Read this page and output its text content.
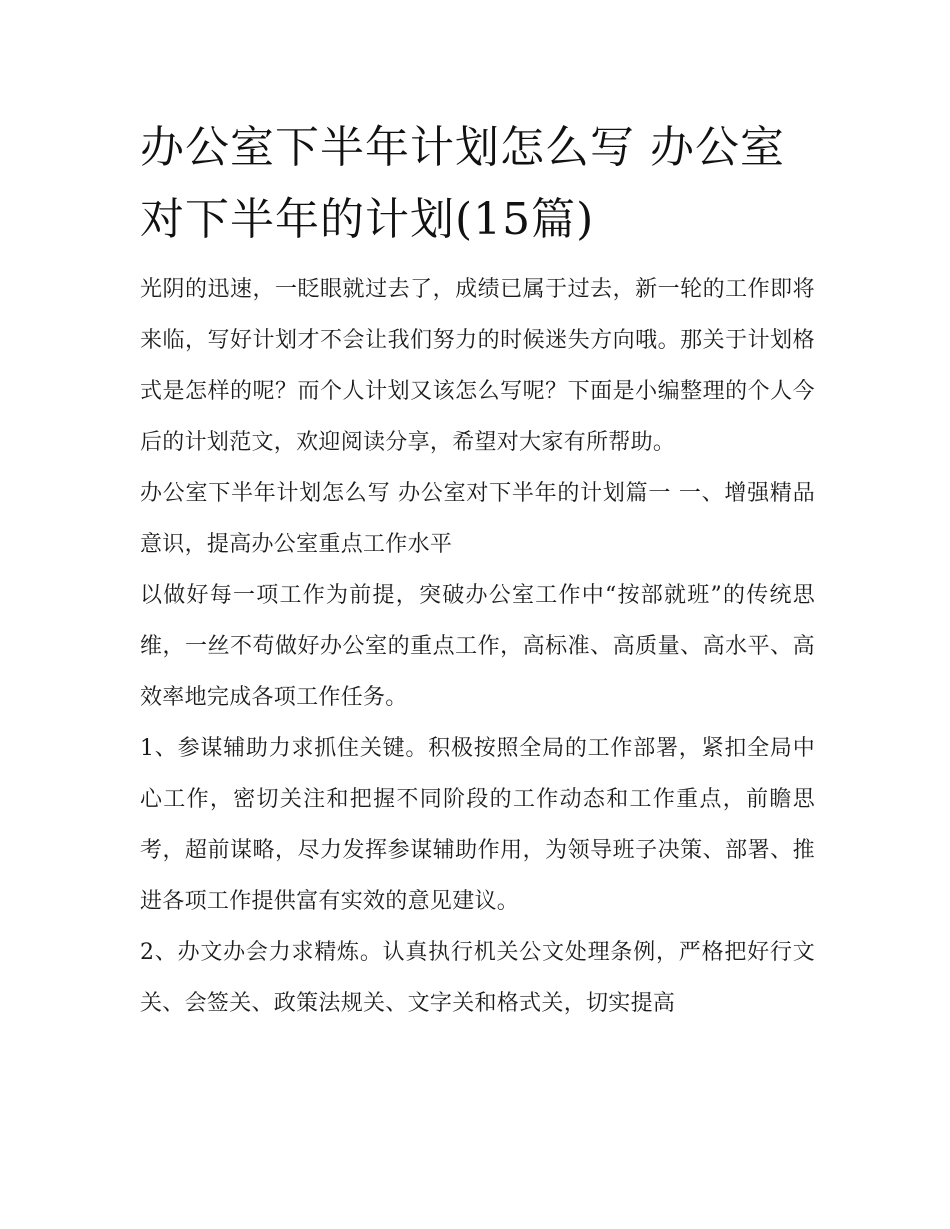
办公室下半年计划怎么写 办公室对下半年的计划(15篇)

光阴的迅速，一眨眼就过去了，成绩已属于过去，新一轮的工作即将来临，写好计划才不会让我们努力的时候迷失方向哦。那关于计划格式是怎样的呢？而个人计划又该怎么写呢？下面是小编整理的个人今后的计划范文，欢迎阅读分享，希望对大家有所帮助。

办公室下半年计划怎么写 办公室对下半年的计划篇一 一、增强精品意识，提高办公室重点工作水平

以做好每一项工作为前提，突破办公室工作中“按部就班”的传统思维，一丝不苟做好办公室的重点工作，高标准、高质量、高水平、高效率地完成各项工作任务。

1、参谋辅助力求抓住关键。积极按照全局的工作部署，紧扣全局中心工作，密切关注和把握不同阶段的工作动态和工作重点，前瞻思考，超前谋略，尽力发挥参谋辅助作用，为领导班子决策、部署、推进各项工作提供富有实效的意见建议。

2、办文办会力求精炼。认真执行机关公文处理条例，严格把好行文关、会签关、政策法规关、文字关和格式关，切实提高
